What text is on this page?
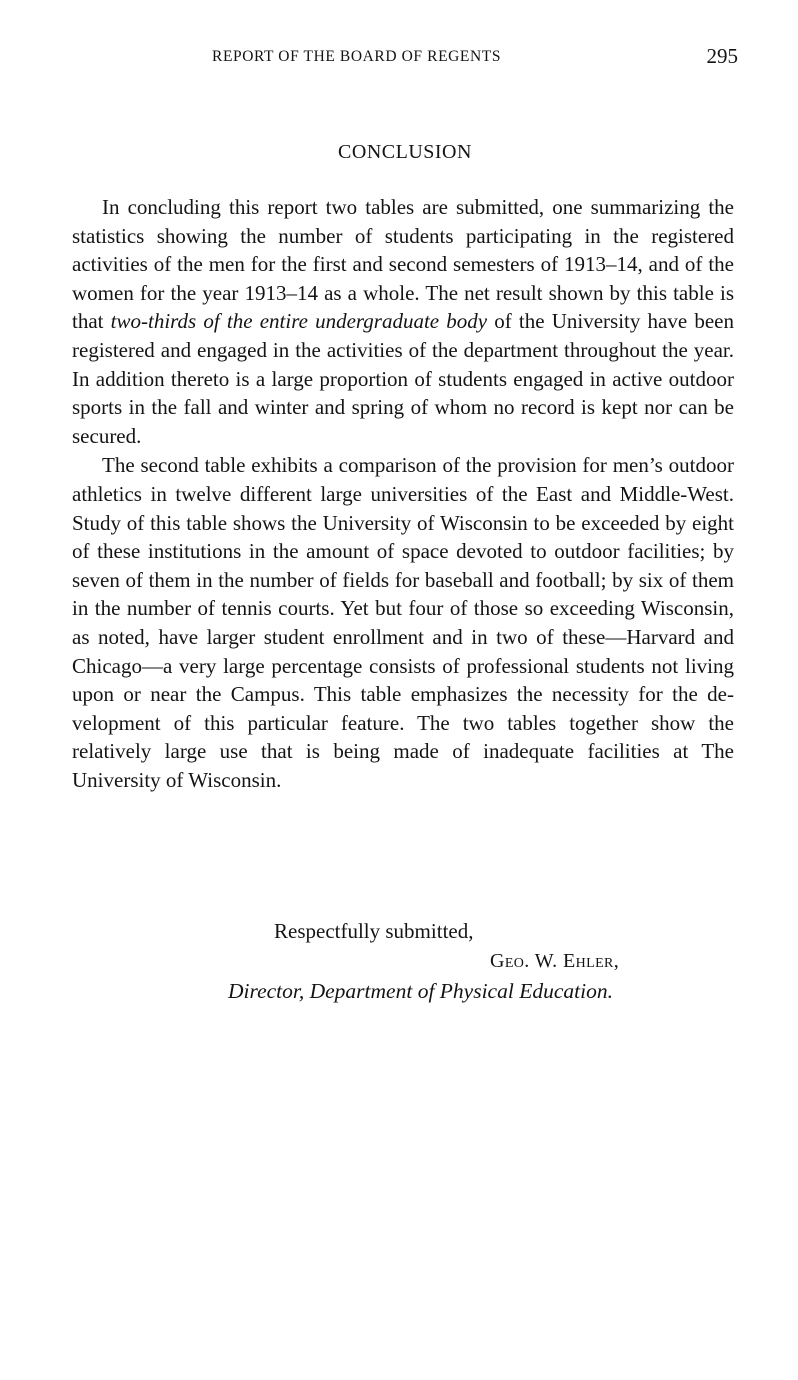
REPORT OF THE BOARD OF REGENTS	295
CONCLUSION

In concluding this report two tables are submitted, one summarizing the statistics showing the number of students participating in the registered activities of the men for the first and second semesters of 1913–14, and of the women for the year 1913–14 as a whole. The net result shown by this table is that two-thirds of the entire undergraduate body of the University have been registered and engaged in the activities of the department throughout the year. In addition thereto is a large proportion of students engaged in active outdoor sports in the fall and winter and spring of whom no record is kept nor can be secured.

The second table exhibits a comparison of the provision for men’s outdoor athletics in twelve different large universities of the East and Middle-West. Study of this table shows the University of Wisconsin to be exceeded by eight of these institutions in the amount of space devoted to outdoor facilities; by seven of them in the number of fields for baseball and football; by six of them in the number of tennis courts. Yet but four of those so exceeding Wisconsin, as noted, have larger student enrollment and in two of these—Harvard and Chicago—a very large percentage consists of professional students not living upon or near the Campus. This table emphasizes the necessity for the development of this particular feature. The two tables together show the relatively large use that is being made of inadequate facilities at The University of Wisconsin.

Respectfully submitted,
Geo. W. Ehler,
Director, Department of Physical Education.
